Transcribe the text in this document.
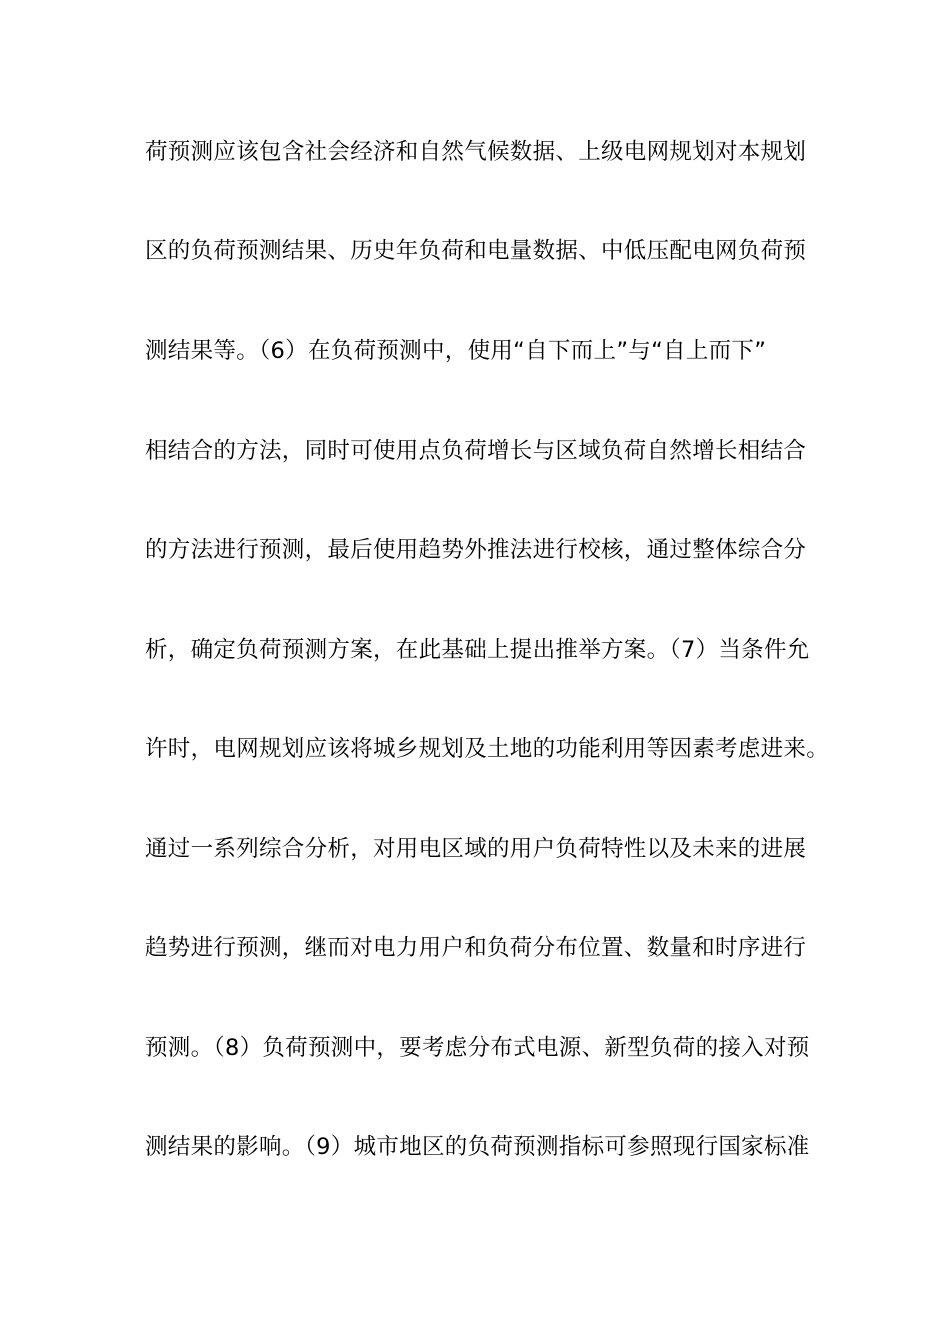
荷预测应该包含社会经济和自然气候数据、上级电网规划对本规划
区的负荷预测结果、历史年负荷和电量数据、中低压配电网负荷预
测结果等。（6）在负荷预测中，使用“自下而上”与“自上而下”
相结合的方法，同时可使用点负荷增长与区域负荷自然增长相结合
的方法进行预测，最后使用趋势外推法进行校核，通过整体综合分
析，确定负荷预测方案，在此基础上提出推举方案。（7）当条件允
许时，电网规划应该将城乡规划及土地的功能利用等因素考虑进来。
通过一系列综合分析，对用电区域的用户负荷特性以及未来的进展
趋势进行预测，继而对电力用户和负荷分布位置、数量和时序进行
预测。（8）负荷预测中，要考虑分布式电源、新型负荷的接入对预
测结果的影响。（9）城市地区的负荷预测指标可参照现行国家标准
